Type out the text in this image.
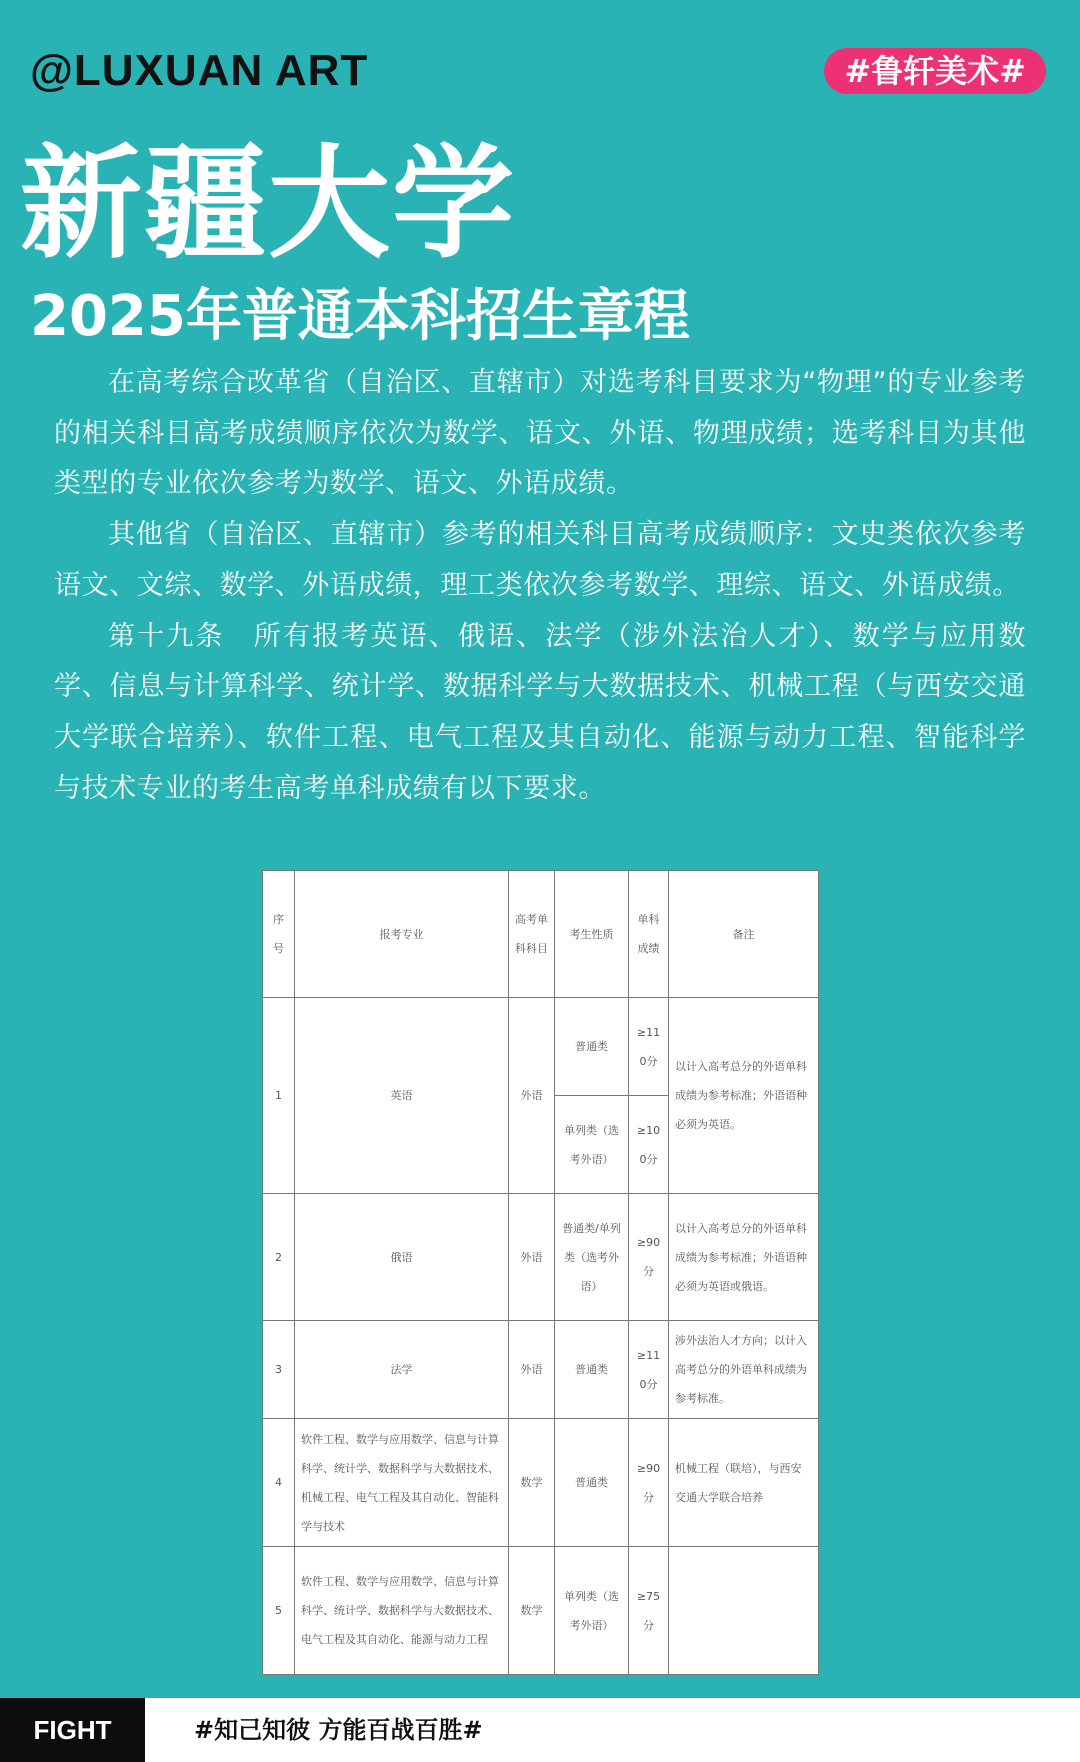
@LUXUAN ART	#鲁轩美术#
新疆大学
2025年普通本科招生章程

在高考综合改革省（自治区、直辖市）对选考科目要求为“物理”的专业参考的相关科目高考成绩顺序依次为数学、语文、外语、物理成绩；选考科目为其他类型的专业依次参考为数学、语文、外语成绩。

其他省（自治区、直辖市）参考的相关科目高考成绩顺序：文史类依次参考语文、文综、数学、外语成绩，理工类依次参考数学、理综、语文、外语成绩。

第十九条　所有报考英语、俄语、法学（涉外法治人才）、数学与应用数学、信息与计算科学、统计学、数据科学与大数据技术、机械工程（与西安交通大学联合培养）、软件工程、电气工程及其自动化、能源与动力工程、智能科学与技术专业的考生高考单科成绩有以下要求。

序号	报考专业	高考单科科目	考生性质	单科成绩	备注
1	英语	外语	普通类	≥110分	以计入高考总分的外语单科成绩为参考标准；外语语种必须为英语。
			单列类（选考外语）	≥100分	
2	俄语	外语	普通类/单列类（选考外语）	≥90分	以计入高考总分的外语单科成绩为参考标准；外语语种必须为英语或俄语。
3	法学	外语	普通类	≥110分	涉外法治人才方向；以计入高考总分的外语单科成绩为参考标准。
4	软件工程、数学与应用数学、信息与计算科学、统计学、数据科学与大数据技术、机械工程、电气工程及其自动化、智能科学与技术	数学	普通类	≥90分	机械工程（联培），与西安交通大学联合培养
5	软件工程、数学与应用数学、信息与计算科学、统计学、数据科学与大数据技术、电气工程及其自动化、能源与动力工程	数学	单列类（选考外语）	≥75分	
FIGHT	#知己知彼 方能百战百胜#
